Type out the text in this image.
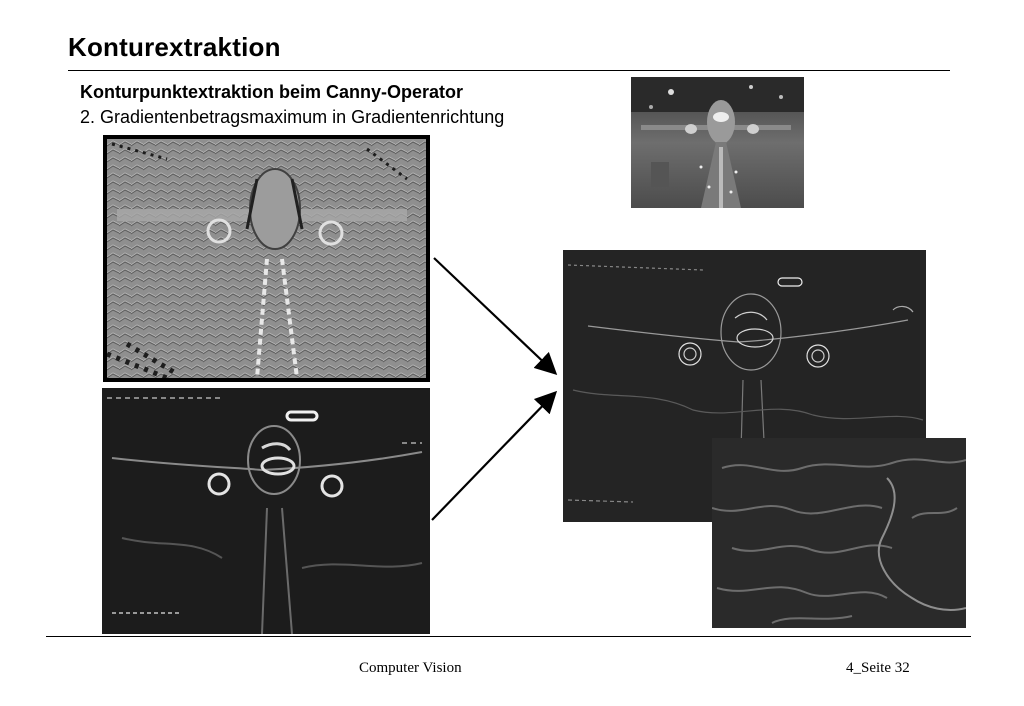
Konturextraktion
Konturpunktextraktion beim Canny-Operator
2. Gradientenbetragsmaximum in Gradientenrichtung
Computer Vision	4_Seite 32
